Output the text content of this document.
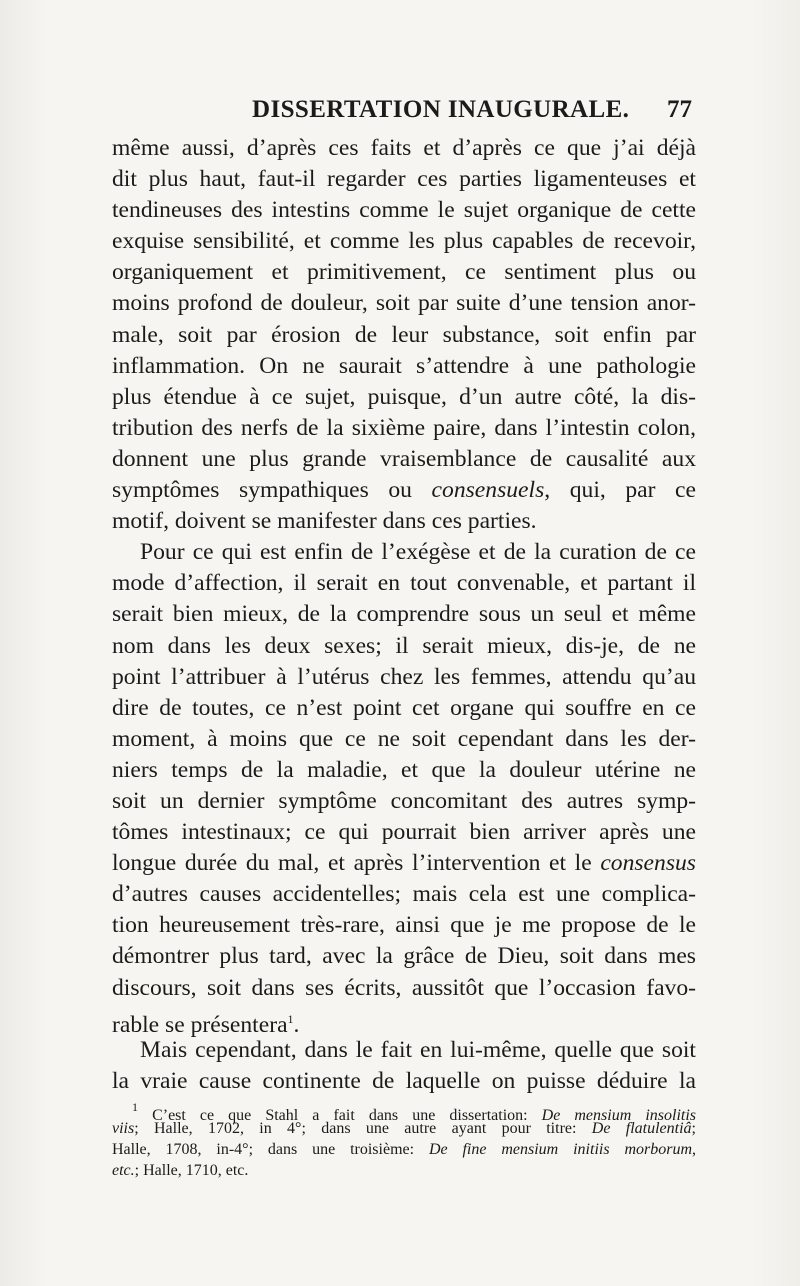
DISSERTATION INAUGURALE. 77
même aussi, d’après ces faits et d’après ce que j’ai déjà
dit plus haut, faut-il regarder ces parties ligamenteuses et
tendineuses des intestins comme le sujet organique de cette
exquise sensibilité, et comme les plus capables de recevoir,
organiquement et primitivement, ce sentiment plus ou
moins profond de douleur, soit par suite d’une tension anor-
male, soit par érosion de leur substance, soit enfin par
inflammation. On ne saurait s’attendre à une pathologie
plus étendue à ce sujet, puisque, d’un autre côté, la dis-
tribution des nerfs de la sixième paire, dans l’intestin colon,
donnent une plus grande vraisemblance de causalité aux
symptômes sympathiques ou consensuels, qui, par ce
motif, doivent se manifester dans ces parties.
Pour ce qui est enfin de l’exégèse et de la curation de ce
mode d’affection, il serait en tout convenable, et partant il
serait bien mieux, de la comprendre sous un seul et même
nom dans les deux sexes; il serait mieux, dis-je, de ne
point l’attribuer à l’utérus chez les femmes, attendu qu’au
dire de toutes, ce n’est point cet organe qui souffre en ce
moment, à moins que ce ne soit cependant dans les der-
niers temps de la maladie, et que la douleur utérine ne
soit un dernier symptôme concomitant des autres symp-
tômes intestinaux; ce qui pourrait bien arriver après une
longue durée du mal, et après l’intervention et le consensus
d’autres causes accidentelles; mais cela est une complica-
tion heureusement très-rare, ainsi que je me propose de le
démontrer plus tard, avec la grâce de Dieu, soit dans mes
discours, soit dans ses écrits, aussitôt que l’occasion favo-
rable se présentera$^1$.
Mais cependant, dans le fait en lui-même, quelle que soit
la vraie cause continente de laquelle on puisse déduire la
$^1$ C’est ce que Stahl a fait dans une dissertation: De mensium insolitis
viis; Halle, 1702, in 4°; dans une autre ayant pour titre: De flatulentiâ;
Halle, 1708, in-4°; dans une troisième: De fine mensium initiis morborum,
etc.; Halle, 1710, etc.
